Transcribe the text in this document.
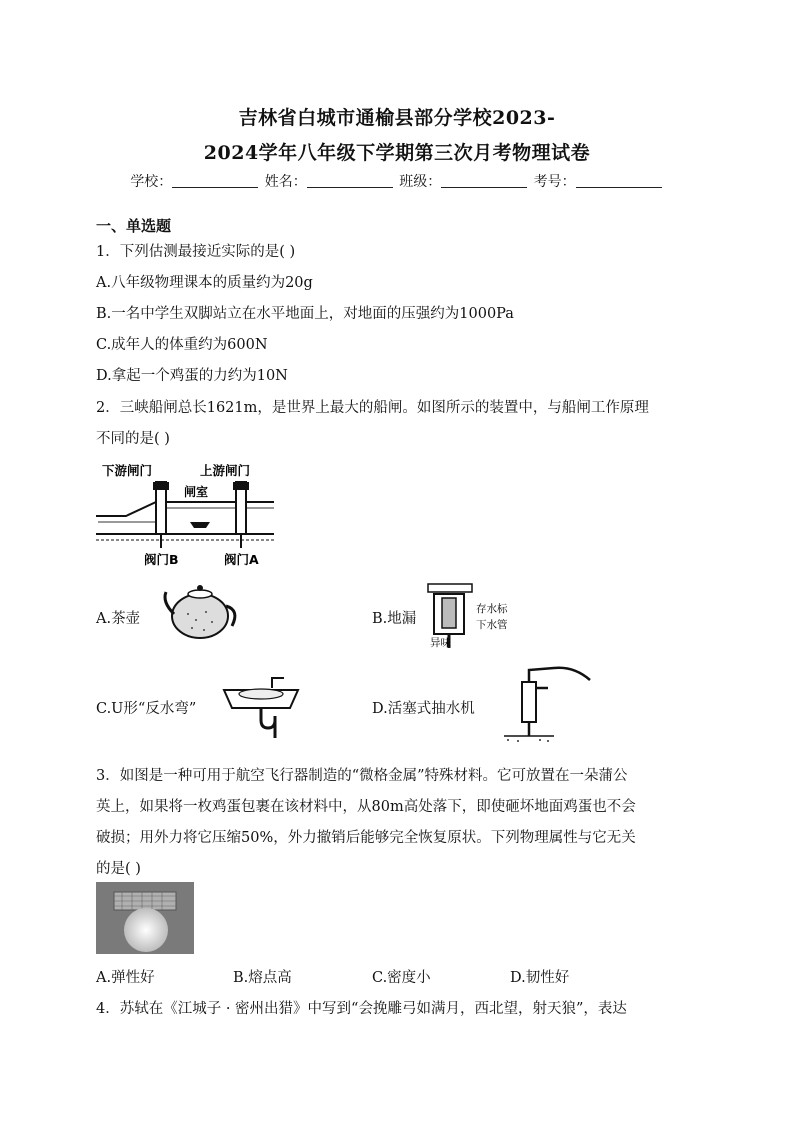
吉林省白城市通榆县部分学校2023-
2024学年八年级下学期第三次月考物理试卷
学校：	姓名：	班级：	考号：
一、单选题
1．下列估测最接近实际的是( )
A.八年级物理课本的质量约为20g
B.一名中学生双脚站立在水平地面上，对地面的压强约为1000Pa
C.成年人的体重约为600N
D.拿起一个鸡蛋的力约为10N
2．三峡船闸总长1621m，是世界上最大的船闸。如图所示的装置中，与船闸工作原理
不同的是( )
下游闸门	上游闸门
闸室
阀门B	阀门A
A.茶壶	B.地漏
存水标
下水管
异味
C.U形“反水弯”	D.活塞式抽水机
3．如图是一种可用于航空飞行器制造的“微格金属”特殊材料。它可放置在一朵蒲公
英上，如果将一枚鸡蛋包裹在该材料中，从80m高处落下，即使砸坏地面鸡蛋也不会
破损；用外力将它压缩50%，外力撤销后能够完全恢复原状。下列物理属性与它无关
的是( )
A.弹性好	B.熔点高	C.密度小	D.韧性好
4．苏轼在《江城子 · 密州出猎》中写到“会挽雕弓如满月，西北望，射天狼”，表达
